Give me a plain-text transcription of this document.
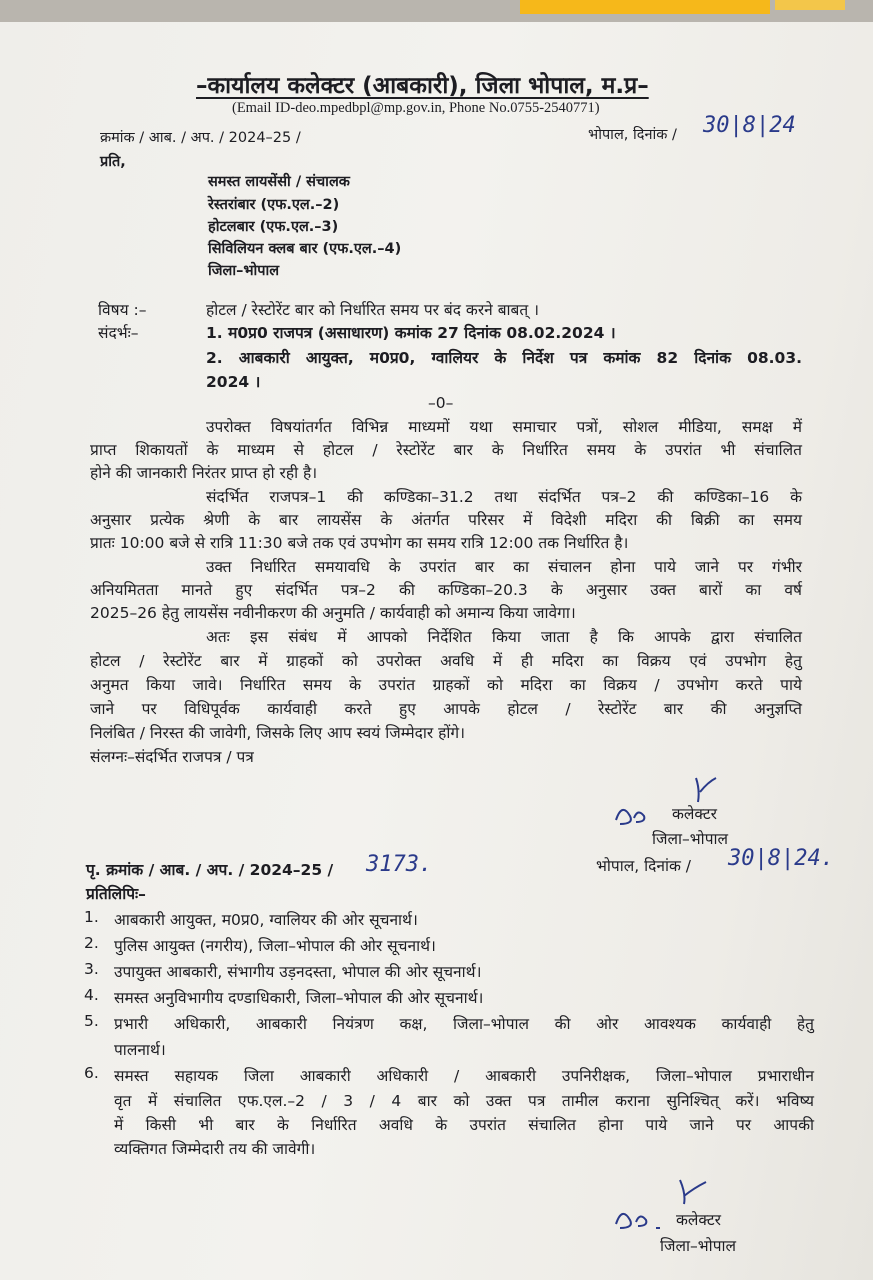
–कार्यालय कलेक्टर (आबकारी), जिला भोपाल, म.प्र–
(Email ID-deo.mpedbpl@mp.gov.in, Phone No.0755-2540771)
क्रमांक / आब. / अप. / 2024–25 /	भोपाल, दिनांक / 30|8|24
प्रति,
समस्त लायसेंसी / संचालक
रेस्तरांबार (एफ.एल.–2)
होटलबार (एफ.एल.–3)
सिविलियन क्लब बार (एफ.एल.–4)
जिला–भोपाल
विषय :–	होटल / रेस्टोरेंट बार को निर्धारित समय पर बंद करने बाबत् ।
संदर्भः–	1. म0प्र0 राजपत्र (असाधारण) कमांक 27 दिनांक 08.02.2024 ।
2. आबकारी आयुक्त, म0प्र0, ग्वालियर के निर्देश पत्र कमांक 82 दिनांक 08.03.
2024 ।
–0–
उपरोक्त विषयांतर्गत विभिन्न माध्यमों यथा समाचार पत्रों, सोशल मीडिया, समक्ष में
प्राप्त शिकायतों के माध्यम से होटल / रेस्टोरेंट बार के निर्धारित समय के उपरांत भी संचालित
होने की जानकारी निरंतर प्राप्त हो रही है।
संदर्भित राजपत्र–1 की कण्डिका–31.2 तथा संदर्भित पत्र–2 की कण्डिका–16 के
अनुसार प्रत्येक श्रेणी के बार लायसेंस के अंतर्गत परिसर में विदेशी मदिरा की बिक्री का समय
प्रातः 10:00 बजे से रात्रि 11:30 बजे तक एवं उपभोग का समय रात्रि 12:00 तक निर्धारित है।
उक्त निर्धारित समयावधि के उपरांत बार का संचालन होना पाये जाने पर गंभीर
अनियमितता मानते हुए संदर्भित पत्र–2 की कण्डिका–20.3 के अनुसार उक्त बारों का वर्ष
2025–26 हेतु लायसेंस नवीनीकरण की अनुमति / कार्यवाही को अमान्य किया जावेगा।
अतः इस संबंध में आपको निर्देशित किया जाता है कि आपके द्वारा संचालित
होटल / रेस्टोरेंट बार में ग्राहकों को उपरोक्त अवधि में ही मदिरा का विक्रय एवं उपभोग हेतु
अनुमत किया जावे। निर्धारित समय के उपरांत ग्राहकों को मदिरा का विक्रय / उपभोग करते पाये
जाने पर विधिपूर्वक कार्यवाही करते हुए आपके होटल / रेस्टोरेंट बार की अनुज्ञप्ति
निलंबित / निरस्त की जावेगी, जिसके लिए आप स्वयं जिम्मेदार होंगे।
संलग्नः–संदर्भित राजपत्र / पत्र
कलेक्टर
जिला–भोपाल
पृ. क्रमांक / आब. / अप. / 2024–25 / 3173.	भोपाल, दिनांक / 30|8|24.
प्रतिलिपिः–
1. आबकारी आयुक्त, म0प्र0, ग्वालियर की ओर सूचनार्थ।
2. पुलिस आयुक्त (नगरीय), जिला–भोपाल की ओर सूचनार्थ।
3. उपायुक्त आबकारी, संभागीय उड़नदस्ता, भोपाल की ओर सूचनार्थ।
4. समस्त अनुविभागीय दण्डाधिकारी, जिला–भोपाल की ओर सूचनार्थ।
5. प्रभारी अधिकारी, आबकारी नियंत्रण कक्ष, जिला–भोपाल की ओर आवश्यक कार्यवाही हेतु
पालनार्थ।
6. समस्त सहायक जिला आबकारी अधिकारी / आबकारी उपनिरीक्षक, जिला–भोपाल प्रभाराधीन
वृत में संचालित एफ.एल.–2 / 3 / 4 बार को उक्त पत्र तामील कराना सुनिश्चित् करें। भविष्य
में किसी भी बार के निर्धारित अवधि के उपरांत संचालित होना पाये जाने पर आपकी
व्यक्तिगत जिम्मेदारी तय की जावेगी।
कलेक्टर
जिला–भोपाल
